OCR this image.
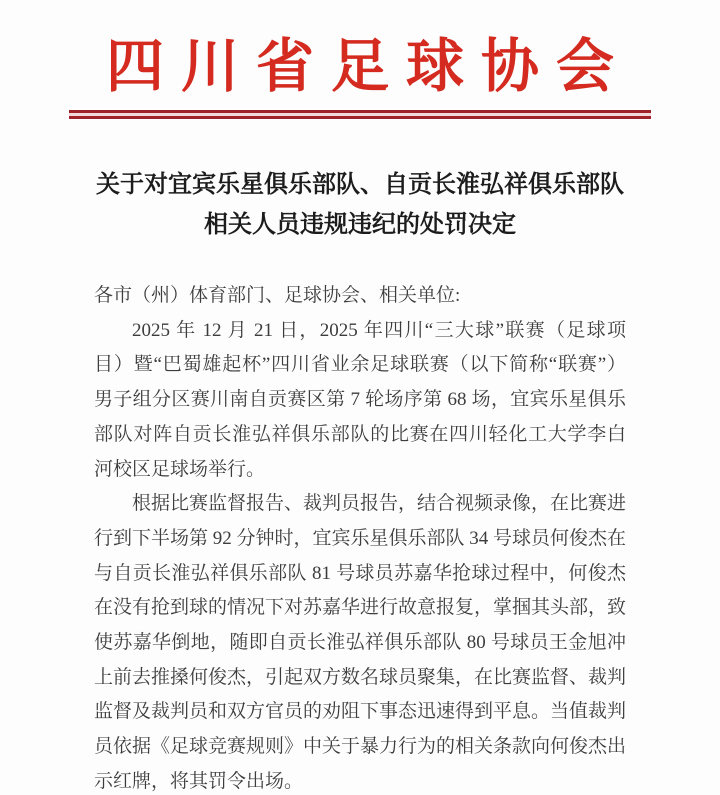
四川省足球协会
关于对宜宾乐星俱乐部队、自贡长淮弘祥俱乐部队
相关人员违规违纪的处罚决定

各市（州）体育部门、足球协会、相关单位:

2025 年 12 月 21 日，2025 年四川“三大球”联赛（足球项
目）暨“巴蜀雄起杯”四川省业余足球联赛（以下简称“联赛”）
男子组分区赛川南自贡赛区第 7 轮场序第 68 场，宜宾乐星俱乐
部队对阵自贡长淮弘祥俱乐部队的比赛在四川轻化工大学李白
河校区足球场举行。
根据比赛监督报告、裁判员报告，结合视频录像，在比赛进
行到下半场第 92 分钟时，宜宾乐星俱乐部队 34 号球员何俊杰在
与自贡长淮弘祥俱乐部队 81 号球员苏嘉华抢球过程中，何俊杰
在没有抢到球的情况下对苏嘉华进行故意报复，掌掴其头部，致
使苏嘉华倒地，随即自贡长淮弘祥俱乐部队 80 号球员王金旭冲
上前去推搡何俊杰，引起双方数名球员聚集，在比赛监督、裁判
监督及裁判员和双方官员的劝阻下事态迅速得到平息。当值裁判
员依据《足球竞赛规则》中关于暴力行为的相关条款向何俊杰出
示红牌，将其罚令出场。
